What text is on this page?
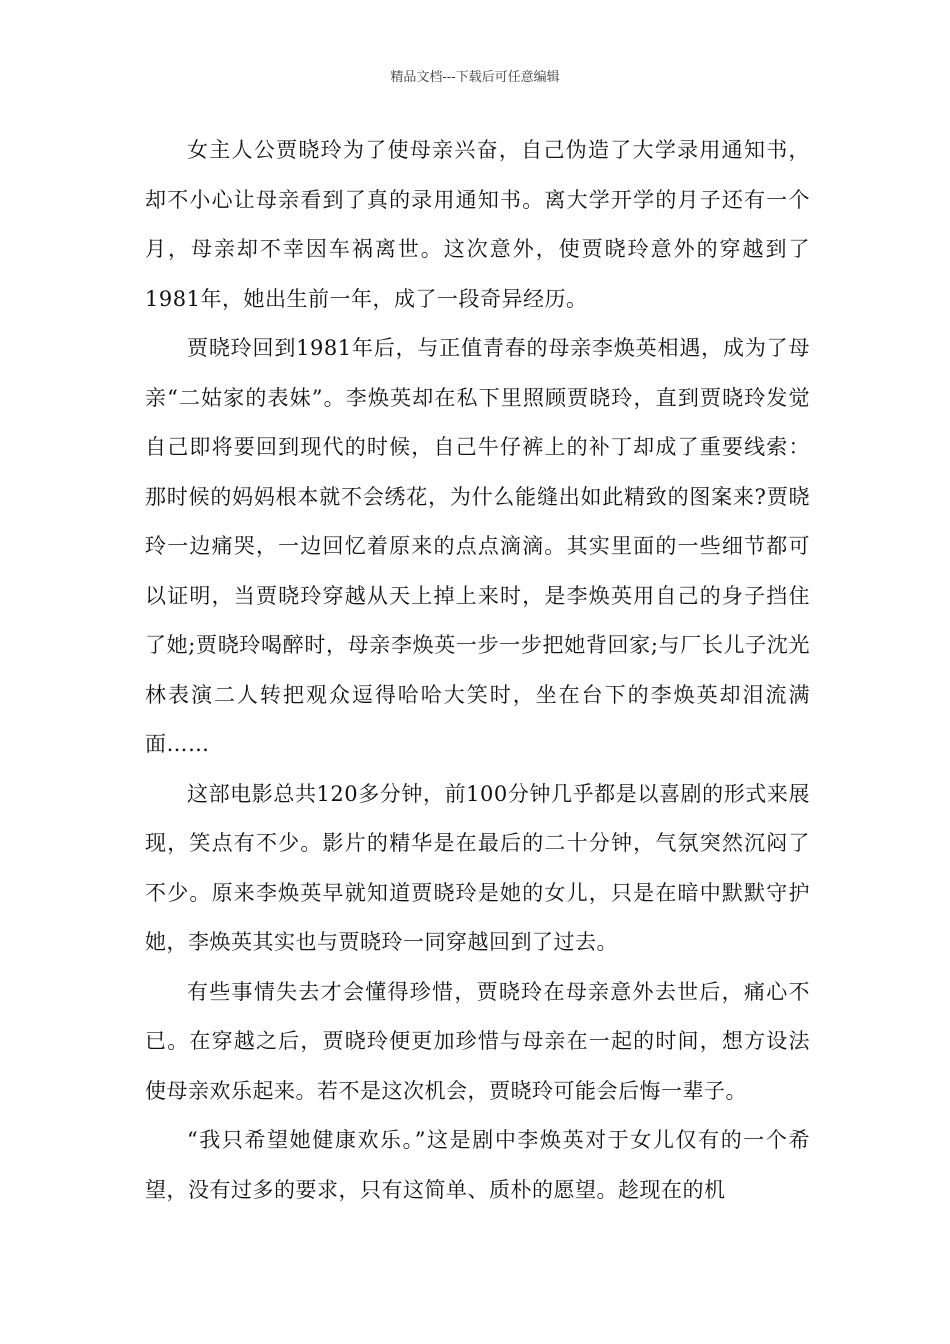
精品文档---下载后可任意编辑

女主人公贾晓玲为了使母亲兴奋，自己伪造了大学录用通知书，却不小心让母亲看到了真的录用通知书。离大学开学的月子还有一个月，母亲却不幸因车祸离世。这次意外，使贾晓玲意外的穿越到了1981年，她出生前一年，成了一段奇异经历。

贾晓玲回到1981年后，与正值青春的母亲李焕英相遇，成为了母亲“二姑家的表妹”。李焕英却在私下里照顾贾晓玲，直到贾晓玲发觉自己即将要回到现代的时候，自己牛仔裤上的补丁却成了重要线索：那时候的妈妈根本就不会绣花，为什么能缝出如此精致的图案来?贾晓玲一边痛哭，一边回忆着原来的点点滴滴。其实里面的一些细节都可以证明，当贾晓玲穿越从天上掉上来时，是李焕英用自己的身子挡住了她;贾晓玲喝醉时，母亲李焕英一步一步把她背回家;与厂长儿子沈光林表演二人转把观众逗得哈哈大笑时，坐在台下的李焕英却泪流满面……

这部电影总共120多分钟，前100分钟几乎都是以喜剧的形式来展现，笑点有不少。影片的精华是在最后的二十分钟，气氛突然沉闷了不少。原来李焕英早就知道贾晓玲是她的女儿，只是在暗中默默守护她，李焕英其实也与贾晓玲一同穿越回到了过去。

有些事情失去才会懂得珍惜，贾晓玲在母亲意外去世后，痛心不已。在穿越之后，贾晓玲便更加珍惜与母亲在一起的时间，想方设法使母亲欢乐起来。若不是这次机会，贾晓玲可能会后悔一辈子。

“我只希望她健康欢乐。”这是剧中李焕英对于女儿仅有的一个希望，没有过多的要求，只有这简单、质朴的愿望。趁现在的机
